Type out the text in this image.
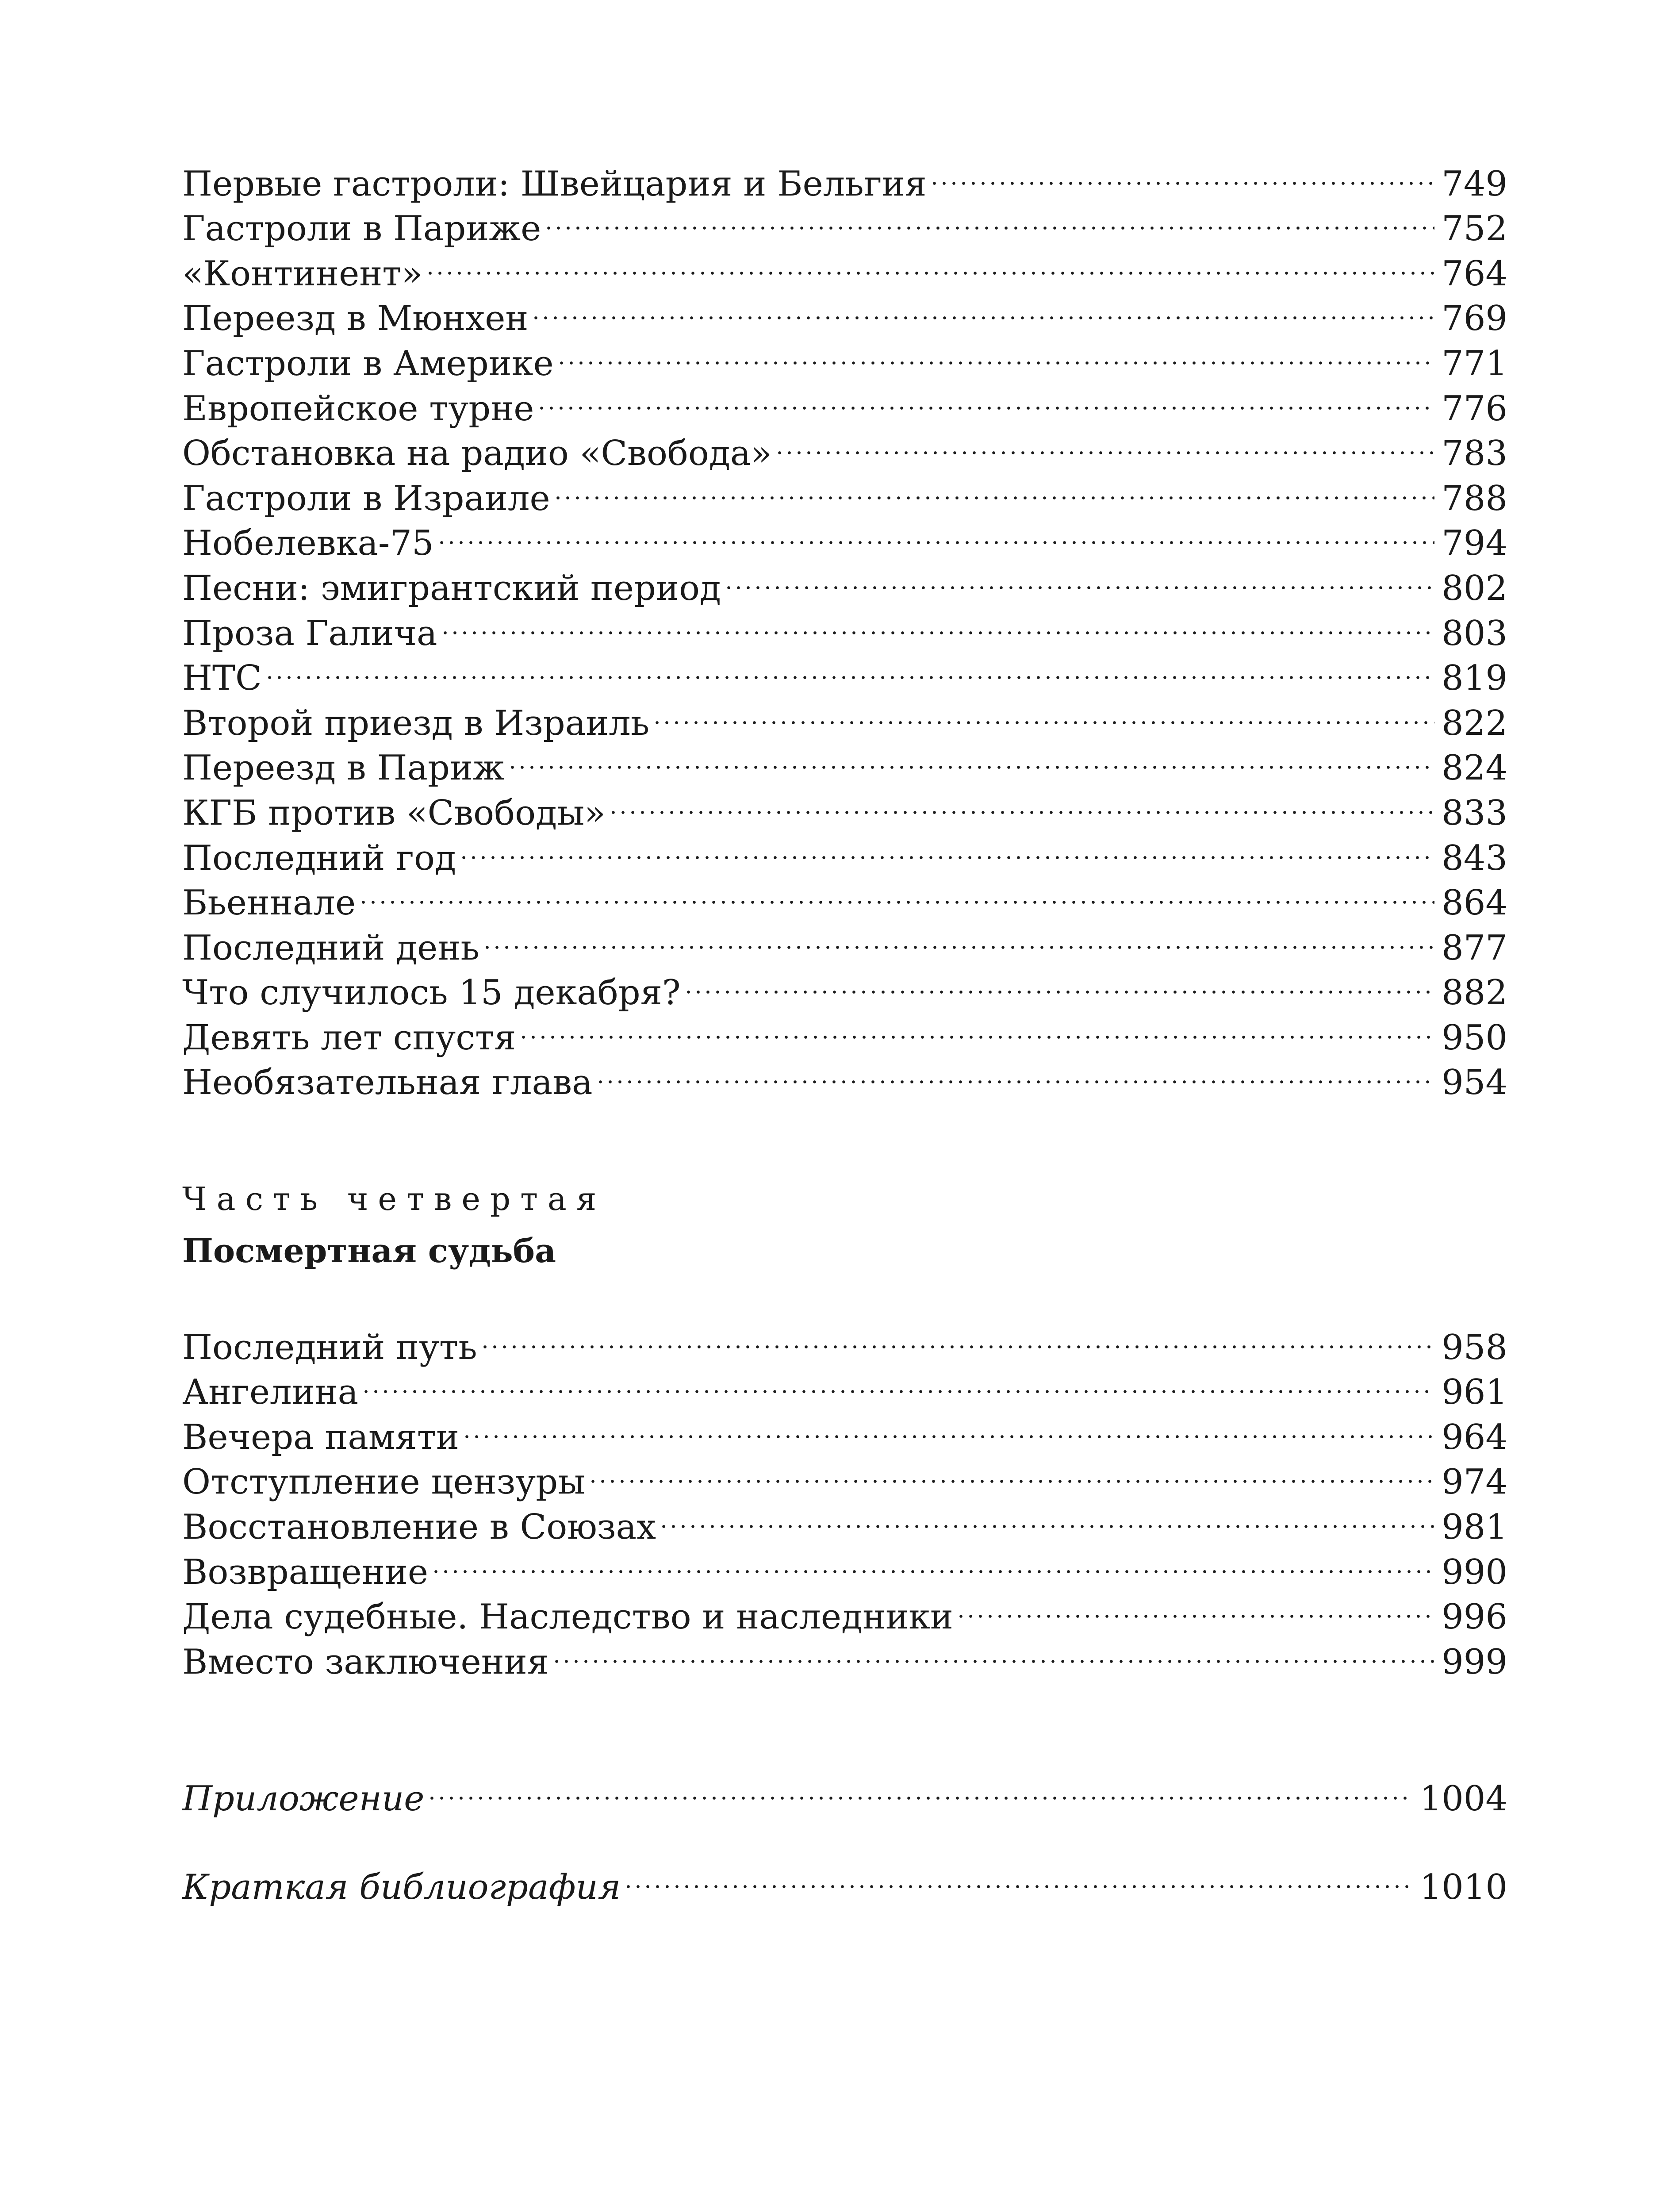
Первые гастроли: Швейцария и Бельгия	749
Гастроли в Париже	752
«Континент»	764
Переезд в Мюнхен	769
Гастроли в Америке	771
Европейское турне	776
Обстановка на радио «Свобода»	783
Гастроли в Израиле	788
Нобелевка-75	794
Песни: эмигрантский период	802
Проза Галича	803
НТС	819
Второй приезд в Израиль	822
Переезд в Париж	824
КГБ против «Свободы»	833
Последний год	843
Бьеннале	864
Последний день	877
Что случилось 15 декабря?	882
Девять лет спустя	950
Необязательная глава	954
Часть четвертая
Посмертная судьба
Последний путь	958
Ангелина	961
Вечера памяти	964
Отступление цензуры	974
Восстановление в Союзах	981
Возвращение	990
Дела судебные. Наследство и наследники	996
Вместо заключения	999
Приложение	1004
Краткая библиография	1010
